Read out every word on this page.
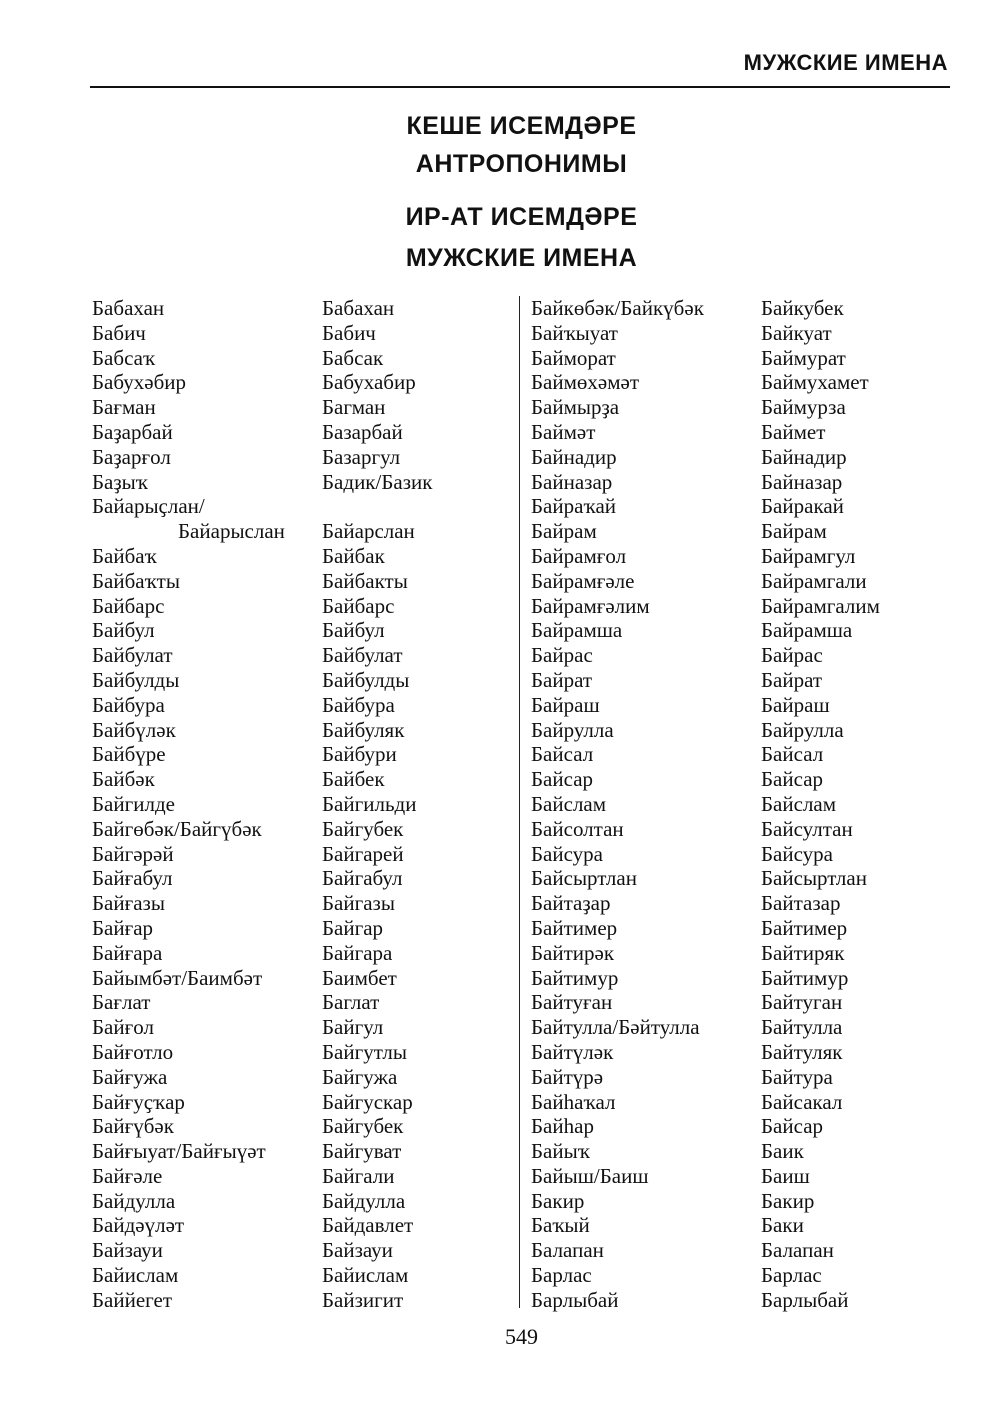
МУЖСКИЕ ИМЕНА
КЕШЕ ИСЕМДӘРЕ
АНТРОПОНИМЫ
ИР-АТ ИСЕМДӘРЕ
МУЖСКИЕ ИМЕНА
Бабахан
Бабич
Бабсаҡ
Бабухәбир
Бағман
Баҙарбай
Баҙарғол
Баҙыҡ
Байарыҫлан/
Байарыслан
Байбаҡ
Байбаҡты
Байбарс
Байбул
Байбулат
Байбулды
Байбура
Байбүләк
Байбүре
Байбәк
Байгилде
Байгөбәк/Байгүбәк
Байгәрәй
Байғабул
Байғазы
Байғар
Байғара
Байымбәт/Баимбәт
Бағлат
Байғол
Байғотло
Байғужа
Байғуҫҡар
Байғүбәк
Байғыуат/Байғыүәт
Байғәле
Байдулла
Байдәүләт
Байзауи
Байислам
Баййегет
Бабахан
Бабич
Бабсак
Бабухабир
Багман
Базарбай
Базаргул
Бадик/Базик
Байарслан
Байбак
Байбакты
Байбарс
Байбул
Байбулат
Байбулды
Байбура
Байбуляк
Байбури
Байбек
Байгильди
Байгубек
Байгарей
Байгабул
Байгазы
Байгар
Байгара
Баимбет
Баглат
Байгул
Байгутлы
Байгужа
Байгускар
Байгубек
Байгуват
Байгали
Байдулла
Байдавлет
Байзауи
Байислам
Байзигит
Байкөбәк/Байкүбәк
Байҡыуат
Байморат
Баймөхәмәт
Баймырҙа
Баймәт
Байнадир
Байназар
Байраҡай
Байрам
Байрамғол
Байрамғәле
Байрамғәлим
Байрамша
Байрас
Байрат
Байраш
Байрулла
Байсал
Байсар
Байслам
Байсолтан
Байсура
Байсыртлан
Байтаҙар
Байтимер
Байтирәк
Байтимур
Байтуған
Байтулла/Бәйтулла
Байтүләк
Байтүрә
Байһаҡал
Байһар
Байыҡ
Байыш/Баиш
Бакир
Баҡый
Балапан
Барлас
Барлыбай
Байкубек
Байкуат
Баймурат
Баймухамет
Баймурза
Баймет
Байнадир
Байназар
Байракай
Байрам
Байрамгул
Байрамгали
Байрамгалим
Байрамша
Байрас
Байрат
Байраш
Байрулла
Байсал
Байсар
Байслам
Байсултан
Байсура
Байсыртлан
Байтазар
Байтимер
Байтиряк
Байтимур
Байтуган
Байтулла
Байтуляк
Байтура
Байсакал
Байсар
Баик
Баиш
Бакир
Баки
Балапан
Барлас
Барлыбай
549
